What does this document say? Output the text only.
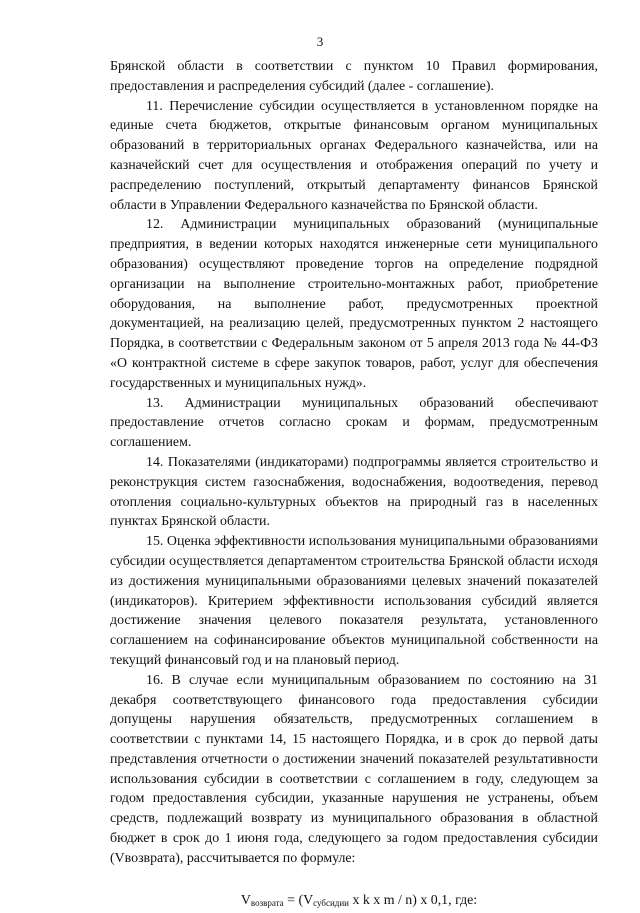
3

Брянской области в соответствии с пунктом 10 Правил формирования, предоставления и распределения субсидий (далее - соглашение).

11. Перечисление субсидии осуществляется в установленном порядке на единые счета бюджетов, открытые финансовым органом муниципальных образований в территориальных органах Федерального казначейства, или на казначейский счет для осуществления и отображения операций по учету и распределению поступлений, открытый департаменту финансов Брянской области в Управлении Федерального казначейства по Брянской области.

12. Администрации муниципальных образований (муниципальные предприятия, в ведении которых находятся инженерные сети муниципального образования) осуществляют проведение торгов на определение подрядной организации на выполнение строительно-монтажных работ, приобретение оборудования, на выполнение работ, предусмотренных проектной документацией, на реализацию целей, предусмотренных пунктом 2 настоящего Порядка, в соответствии с Федеральным законом от 5 апреля 2013 года № 44-ФЗ «О контрактной системе в сфере закупок товаров, работ, услуг для обеспечения государственных и муниципальных нужд».

13. Администрации муниципальных образований обеспечивают предоставление отчетов согласно срокам и формам, предусмотренным соглашением.

14. Показателями (индикаторами) подпрограммы является строительство и реконструкция систем газоснабжения, водоснабжения, водоотведения, перевод отопления социально-культурных объектов на природный газ в населенных пунктах Брянской области.

15. Оценка эффективности использования муниципальными образованиями субсидии осуществляется департаментом строительства Брянской области исходя из достижения муниципальными образованиями целевых значений показателей (индикаторов). Критерием эффективности использования субсидий является достижение значения целевого показателя результата, установленного соглашением на софинансирование объектов муниципальной собственности на текущий финансовый год и на плановый период.

16. В случае если муниципальным образованием по состоянию на 31 декабря соответствующего финансового года предоставления субсидии допущены нарушения обязательств, предусмотренных соглашением в соответствии с пунктами 14, 15 настоящего Порядка, и в срок до первой даты представления отчетности о достижении значений показателей результативности использования субсидии в соответствии с соглашением в году, следующем за годом предоставления субсидии, указанные нарушения не устранены, объем средств, подлежащий возврату из муниципального образования в областной бюджет в срок до 1 июня года, следующего за годом предоставления субсидии (Vвозврата), рассчитывается по формуле:

$V_{возврата} = (V_{субсидии}$ x k x m / n) x 0,1, где:
